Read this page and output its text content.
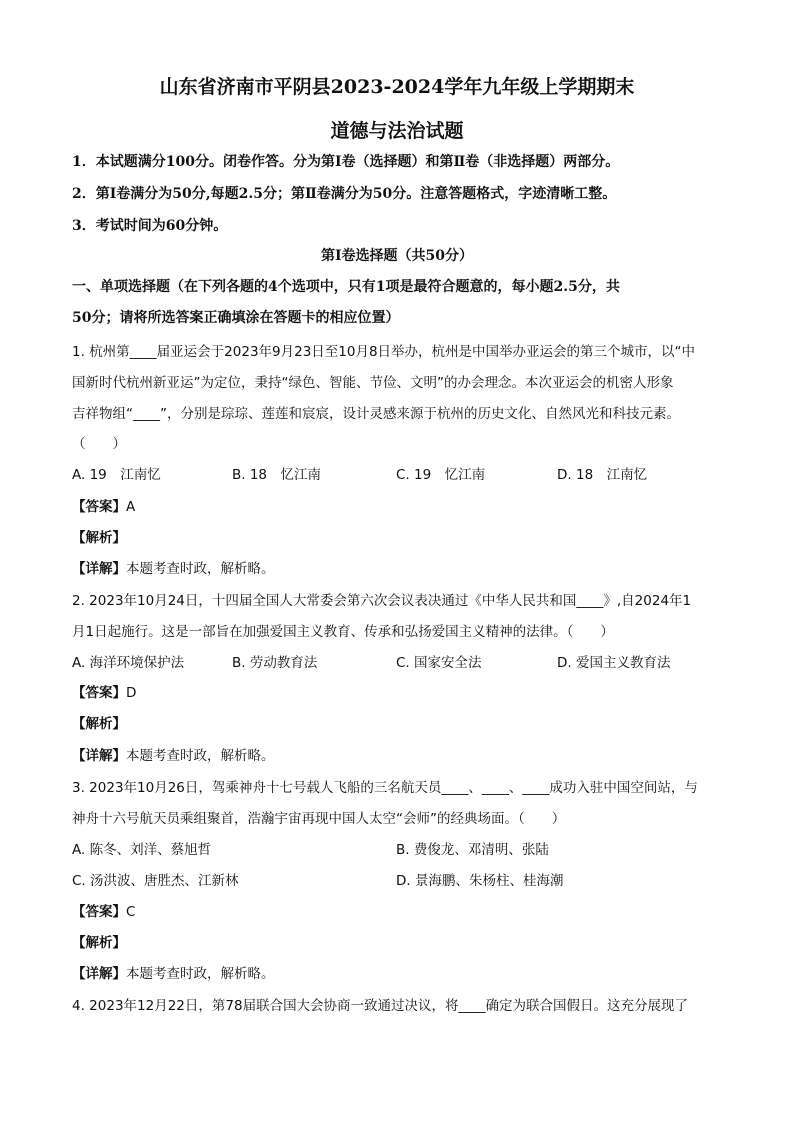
山东省济南市平阴县2023-2024学年九年级上学期期末
道德与法治试题
1．本试题满分100分。闭卷作答。分为第Ⅰ卷（选择题）和第Ⅱ卷（非选择题）两部分。
2．第Ⅰ卷满分为50分,每题2.5分；第Ⅱ卷满分为50分。注意答题格式，字迹清晰工整。
3．考试时间为60分钟。
第Ⅰ卷选择题（共50分）
一、单项选择题（在下列各题的4个选项中，只有1项是最符合题意的，每小题2.5分，共
50分；请将所选答案正确填涂在答题卡的相应位置）
1. 杭州第____届亚运会于2023年9月23日至10月8日举办，杭州是中国举办亚运会的第三个城市，以“中
国新时代杭州新亚运”为定位，秉持“绿色、智能、节俭、文明”的办会理念。本次亚运会的机密人形象
吉祥物组“____”，分别是琮琮、莲莲和宸宸，设计灵感来源于杭州的历史文化、自然风光和科技元素。
（　　）
A. 19　江南忆	B. 18　忆江南	C. 19　忆江南	D. 18　江南忆
【答案】A
【解析】
【详解】本题考查时政，解析略。
2. 2023年10月24日，十四届全国人大常委会第六次会议表决通过《中华人民共和国____》,自2024年1
月1日起施行。这是一部旨在加强爱国主义教育、传承和弘扬爱国主义精神的法律。（　　）
A. 海洋环境保护法	B. 劳动教育法	C. 国家安全法	D. 爱国主义教育法
【答案】D
【解析】
【详解】本题考查时政，解析略。
3. 2023年10月26日，驾乘神舟十七号载人飞船的三名航天员____、____、____成功入驻中国空间站，与
神舟十六号航天员乘组聚首，浩瀚宇宙再现中国人太空“会师”的经典场面。（　　）
A. 陈冬、刘洋、蔡旭哲	B. 费俊龙、邓清明、张陆
C. 汤洪波、唐胜杰、江新林	D. 景海鹏、朱杨柱、桂海潮
【答案】C
【解析】
【详解】本题考查时政，解析略。
4. 2023年12月22日，第78届联合国大会协商一致通过决议，将____确定为联合国假日。这充分展现了
